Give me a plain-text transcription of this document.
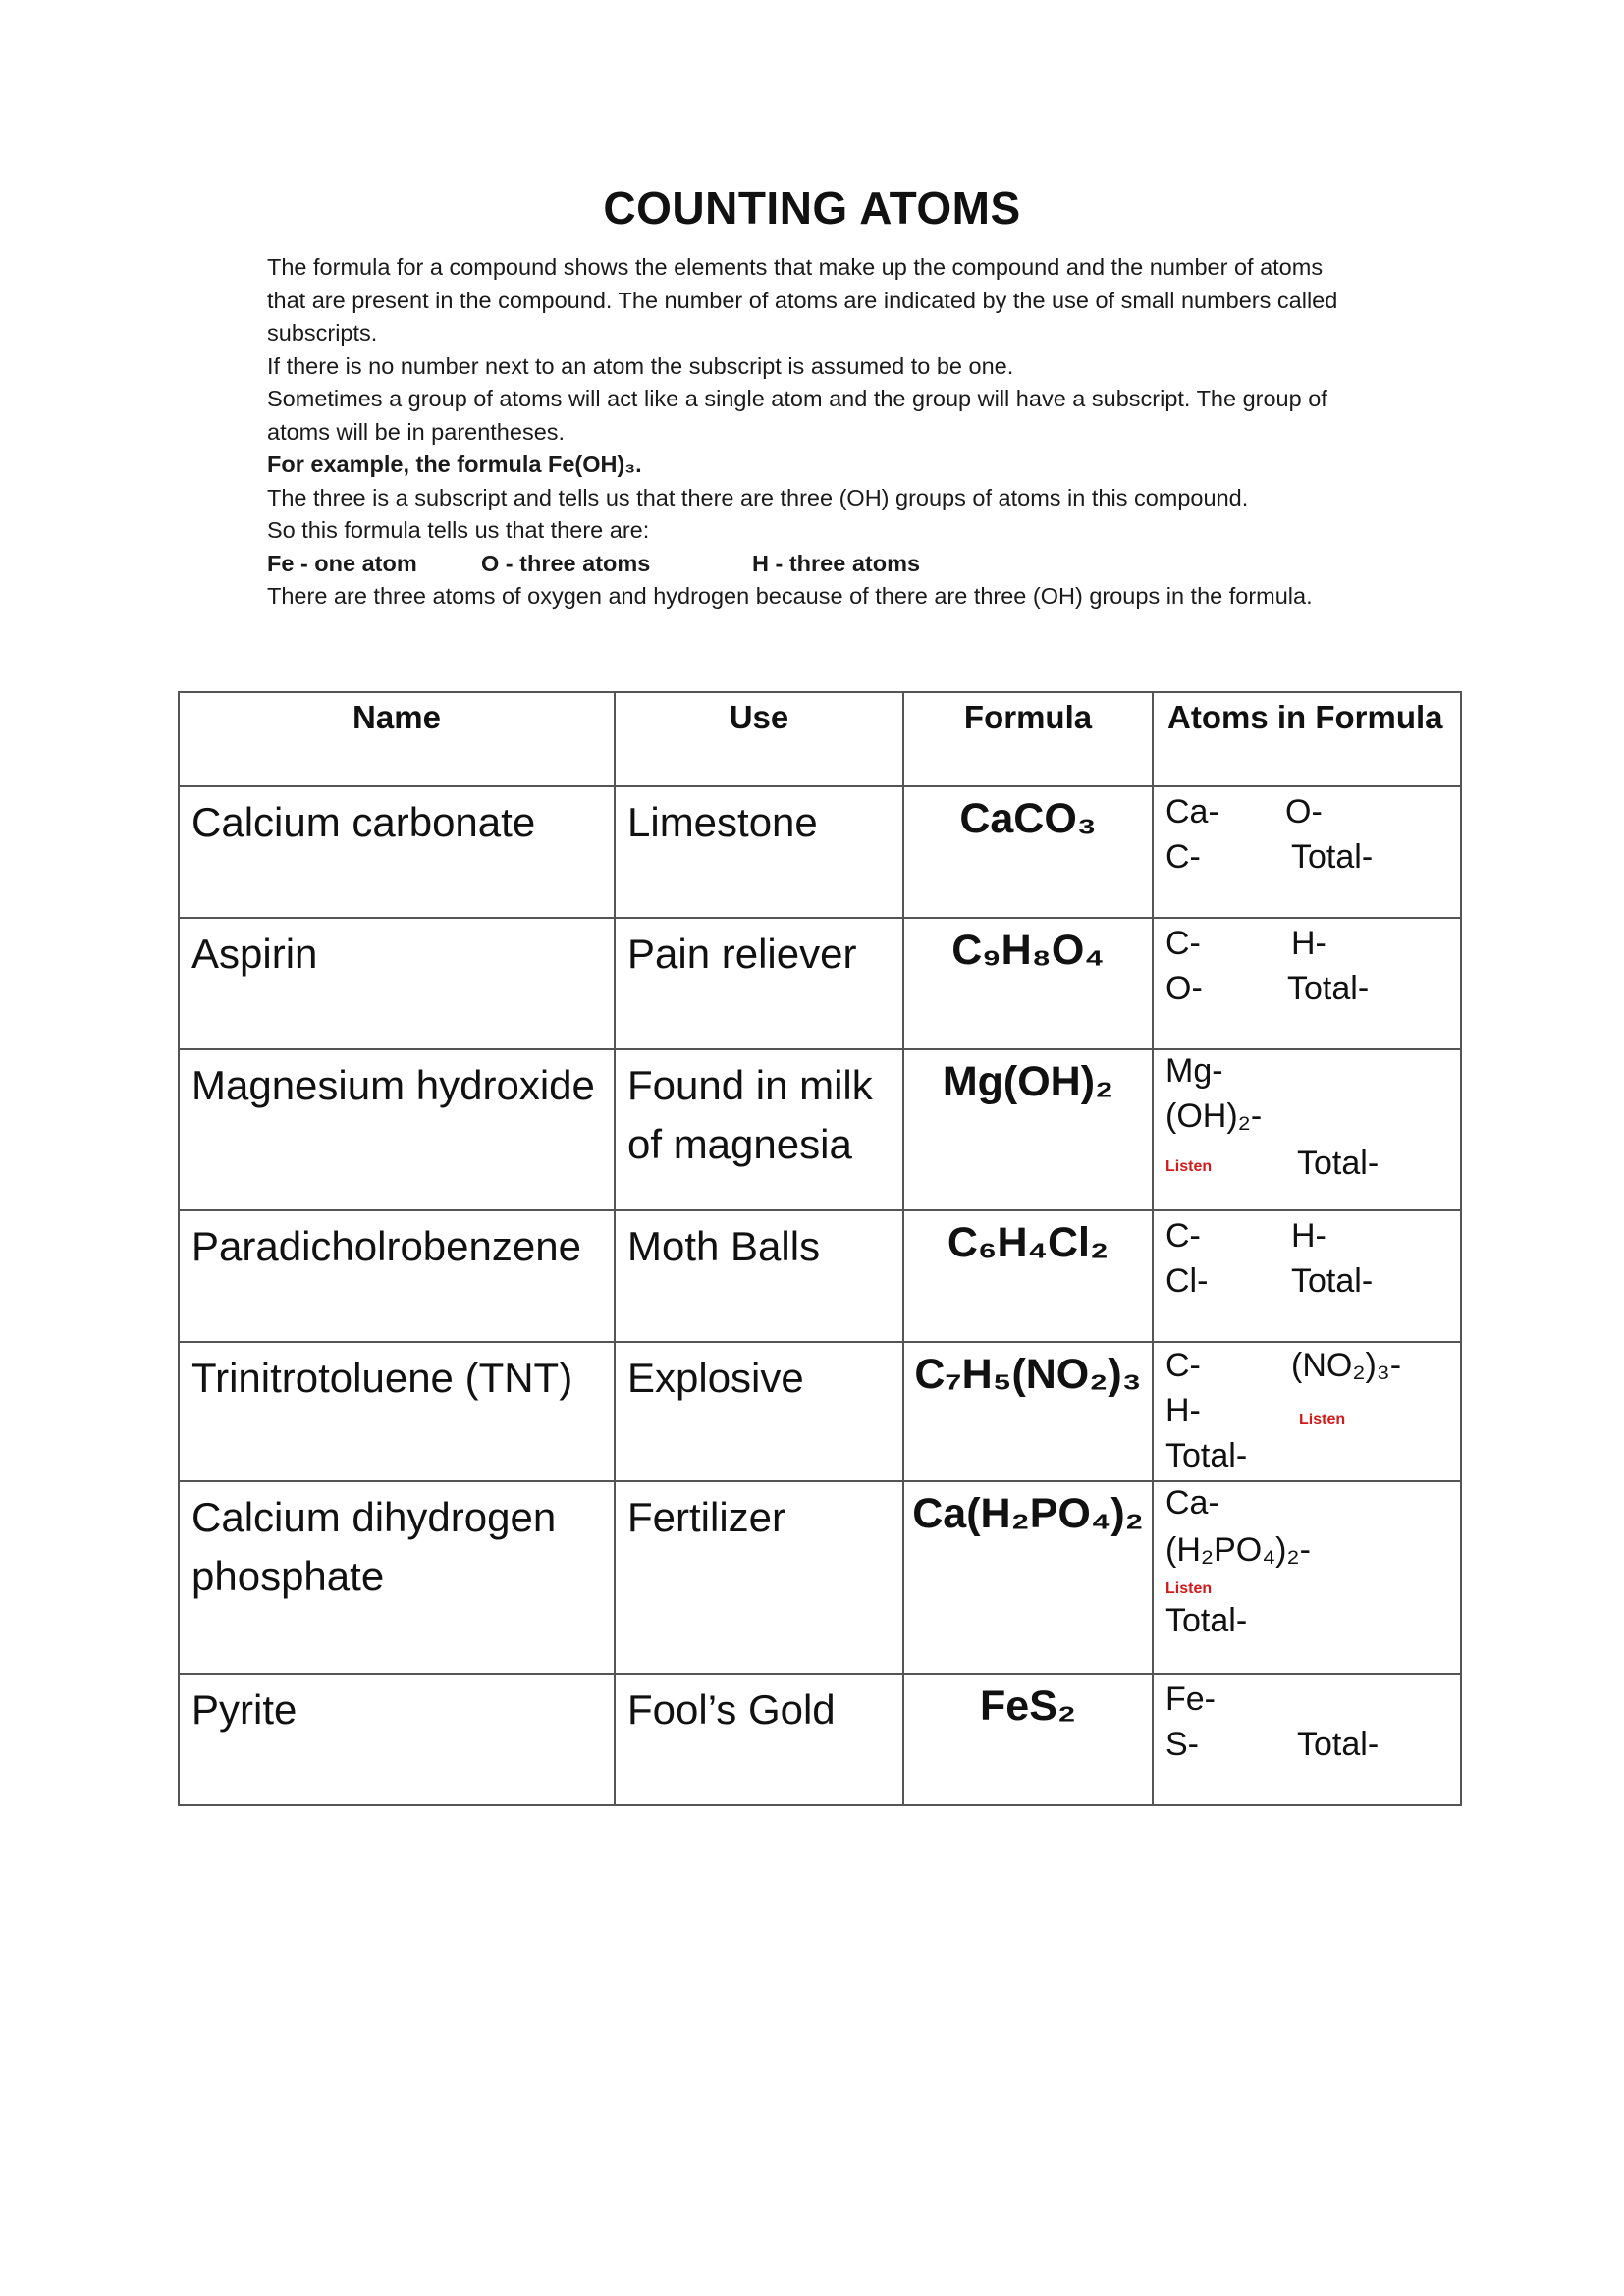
COUNTING ATOMS

The formula for a compound shows the elements that make up the compound and the number of atoms that are present in the compound. The number of atoms are indicated by the use of small numbers called subscripts.

If there is no number next to an atom the subscript is assumed to be one.

Sometimes a group of atoms will act like a single atom and the group will have a subscript. The group of atoms will be in parentheses.

For example, the formula Fe(OH)₃.

The three is a subscript and tells us that there are three (OH) groups of atoms in this compound.

So this formula tells us that there are:

Fe - one atom	O - three atoms	H - three atoms

There are three atoms of oxygen and hydrogen because of there are three (OH) groups in the formula.

Name	Use	Formula	Atoms in Formula
Calcium carbonate	Limestone	CaCO₃	Ca- O-
C- Total-

Aspirin	Pain reliever	C₉H₈O₄	C- H-
O- Total-

Magnesium hydroxide	Found in milk of magnesia	Mg(OH)₂	Mg-
(OH)₂-
Listen Total-

Paradicholrobenzene	Moth Balls	C₆H₄Cl₂	C- H-
Cl- Total-

Trinitrotoluene (TNT)	Explosive	C₇H₅(NO₂)₃	C- (NO₂)₃-
H- Listen
Total-

Calcium dihydrogen phosphate	Fertilizer	Ca(H₂PO₄)₂	Ca-
(H₂PO₄)₂-
Listen
Total-

Pyrite	Fool’s Gold	FeS₂	Fe-
S- Total-
